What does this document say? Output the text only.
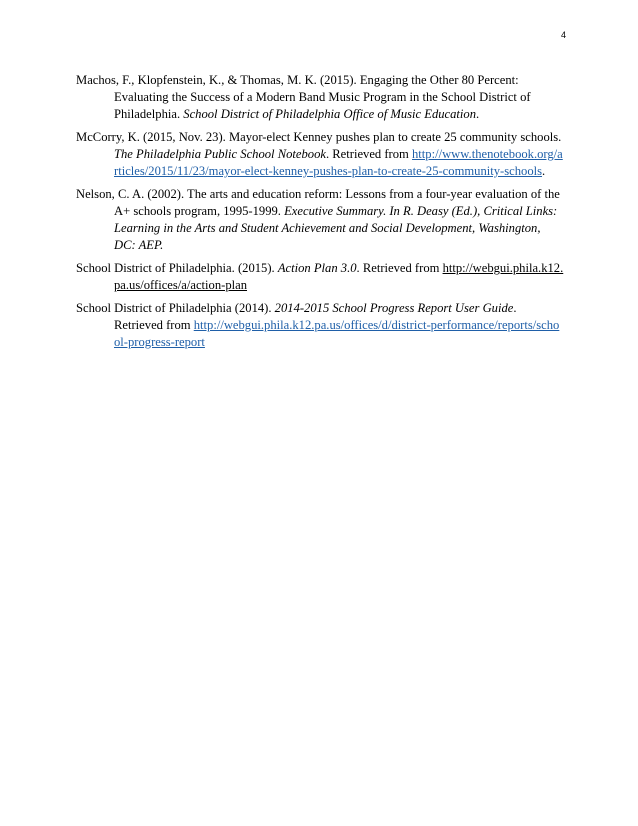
4

Machos, F., Klopfenstein, K., & Thomas, M. K. (2015). Engaging the Other 80 Percent: Evaluating the Success of a Modern Band Music Program in the School District of Philadelphia. School District of Philadelphia Office of Music Education.

McCorry, K. (2015, Nov. 23). Mayor-elect Kenney pushes plan to create 25 community schools. The Philadelphia Public School Notebook. Retrieved from http://www.thenotebook.org/articles/2015/11/23/mayor-elect-kenney-pushes-plan-to-create-25-community-schools.

Nelson, C. A. (2002). The arts and education reform: Lessons from a four-year evaluation of the A+ schools program, 1995-1999. Executive Summary. In R. Deasy (Ed.), Critical Links: Learning in the Arts and Student Achievement and Social Development, Washington, DC: AEP.

School District of Philadelphia. (2015). Action Plan 3.0. Retrieved from http://webgui.phila.k12.pa.us/offices/a/action-plan

School District of Philadelphia (2014). 2014-2015 School Progress Report User Guide. Retrieved from http://webgui.phila.k12.pa.us/offices/d/district-performance/reports/school-progress-report
